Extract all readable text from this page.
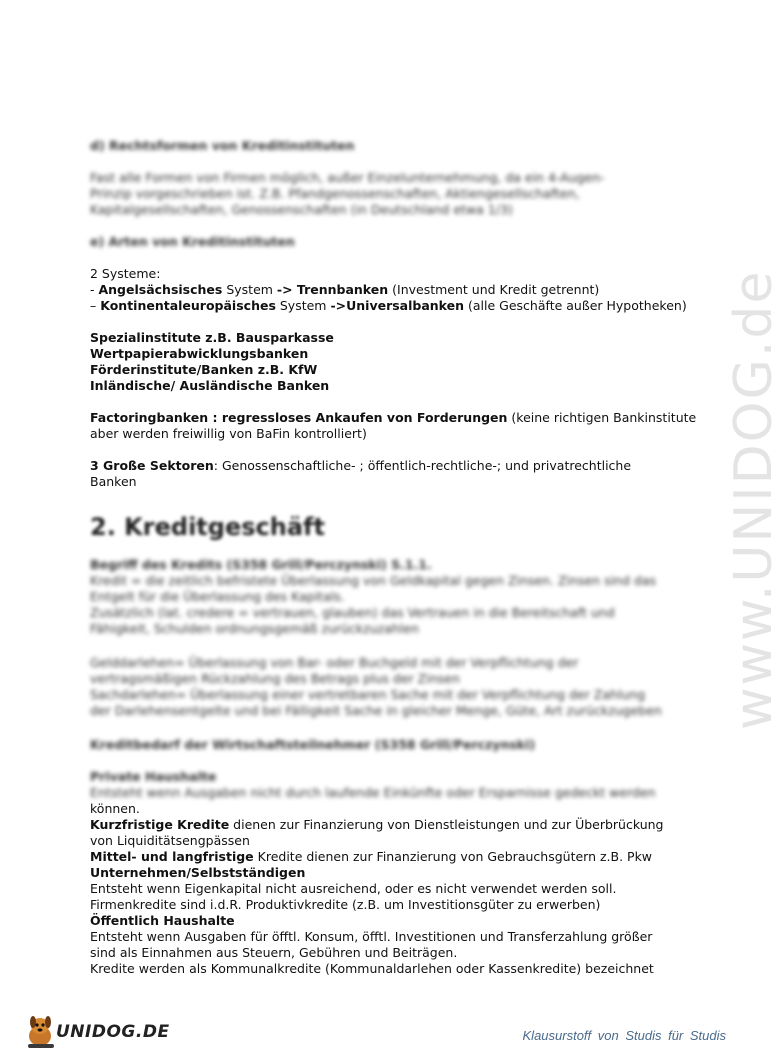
www.UNIDOG.de
d) Rechtsformen von Kreditinstituten
Fast alle Formen von Firmen möglich, außer Einzelunternehmung, da ein 4-Augen-
Prinzip vorgeschrieben ist. Z.B. Pfandgenossenschaften, Aktiengesellschaften,
Kapitalgesellschaften, Genossenschaften (in Deutschland etwa 1/3)
e) Arten von Kreditinstituten
2 Systeme:
- Angelsächsisches System -> Trennbanken (Investment und Kredit getrennt)
– Kontinentaleuropäisches System ->Universalbanken (alle Geschäfte außer Hypotheken)
Spezialinstitute z.B. Bausparkasse
Wertpapierabwicklungsbanken
Förderinstitute/Banken z.B. KfW
Inländische/ Ausländische Banken
Factoringbanken : regressloses Ankaufen von Forderungen (keine richtigen Bankinstitute
aber werden freiwillig von BaFin kontrolliert)
3 Große Sektoren: Genossenschaftliche- ; öffentlich-rechtliche-; und privatrechtliche
Banken
2. Kreditgeschäft
Begriff des Kredits (S358 Grill/Perczynski) S.1.1.
Kredit = die zeitlich befristete Überlassung von Geldkapital gegen Zinsen. Zinsen sind das
Entgelt für die Überlassung des Kapitals.
Zusätzlich (lat. credere = vertrauen, glauben) das Vertrauen in die Bereitschaft und
Fähigkeit, Schulden ordnungsgemäß zurückzuzahlen
Gelddarlehen= Überlassung von Bar- oder Buchgeld mit der Verpflichtung der
vertragsmäßigen Rückzahlung des Betrags plus der Zinsen
Sachdarlehen= Überlassung einer vertretbaren Sache mit der Verpflichtung der Zahlung
der Darlehensentgelte und bei Fälligkeit Sache in gleicher Menge, Güte, Art zurückzugeben
Kreditbedarf der Wirtschaftsteilnehmer (S358 Grill/Perczynski)
Private Haushalte
Entsteht wenn Ausgaben nicht durch laufende Einkünfte oder Ersparnisse gedeckt werden
können.
Kurzfristige Kredite dienen zur Finanzierung von Dienstleistungen und zur Überbrückung
von Liquiditätsengpässen
Mittel- und langfristige Kredite dienen zur Finanzierung von Gebrauchsgütern z.B. Pkw
Unternehmen/Selbstständigen
Entsteht wenn Eigenkapital nicht ausreichend, oder es nicht verwendet werden soll.
Firmenkredite sind i.d.R. Produktivkredite (z.B. um Investitionsgüter zu erwerben)
Öffentlich Haushalte
Entsteht wenn Ausgaben für öfftl. Konsum, öfftl. Investitionen und Transferzahlung größer
sind als Einnahmen aus Steuern, Gebühren und Beiträgen.
Kredite werden als Kommunalkredite (Kommunaldarlehen oder Kassenkredite) bezeichnet
UNIDOG.DE	Klausurstoff von Studis für Studis
